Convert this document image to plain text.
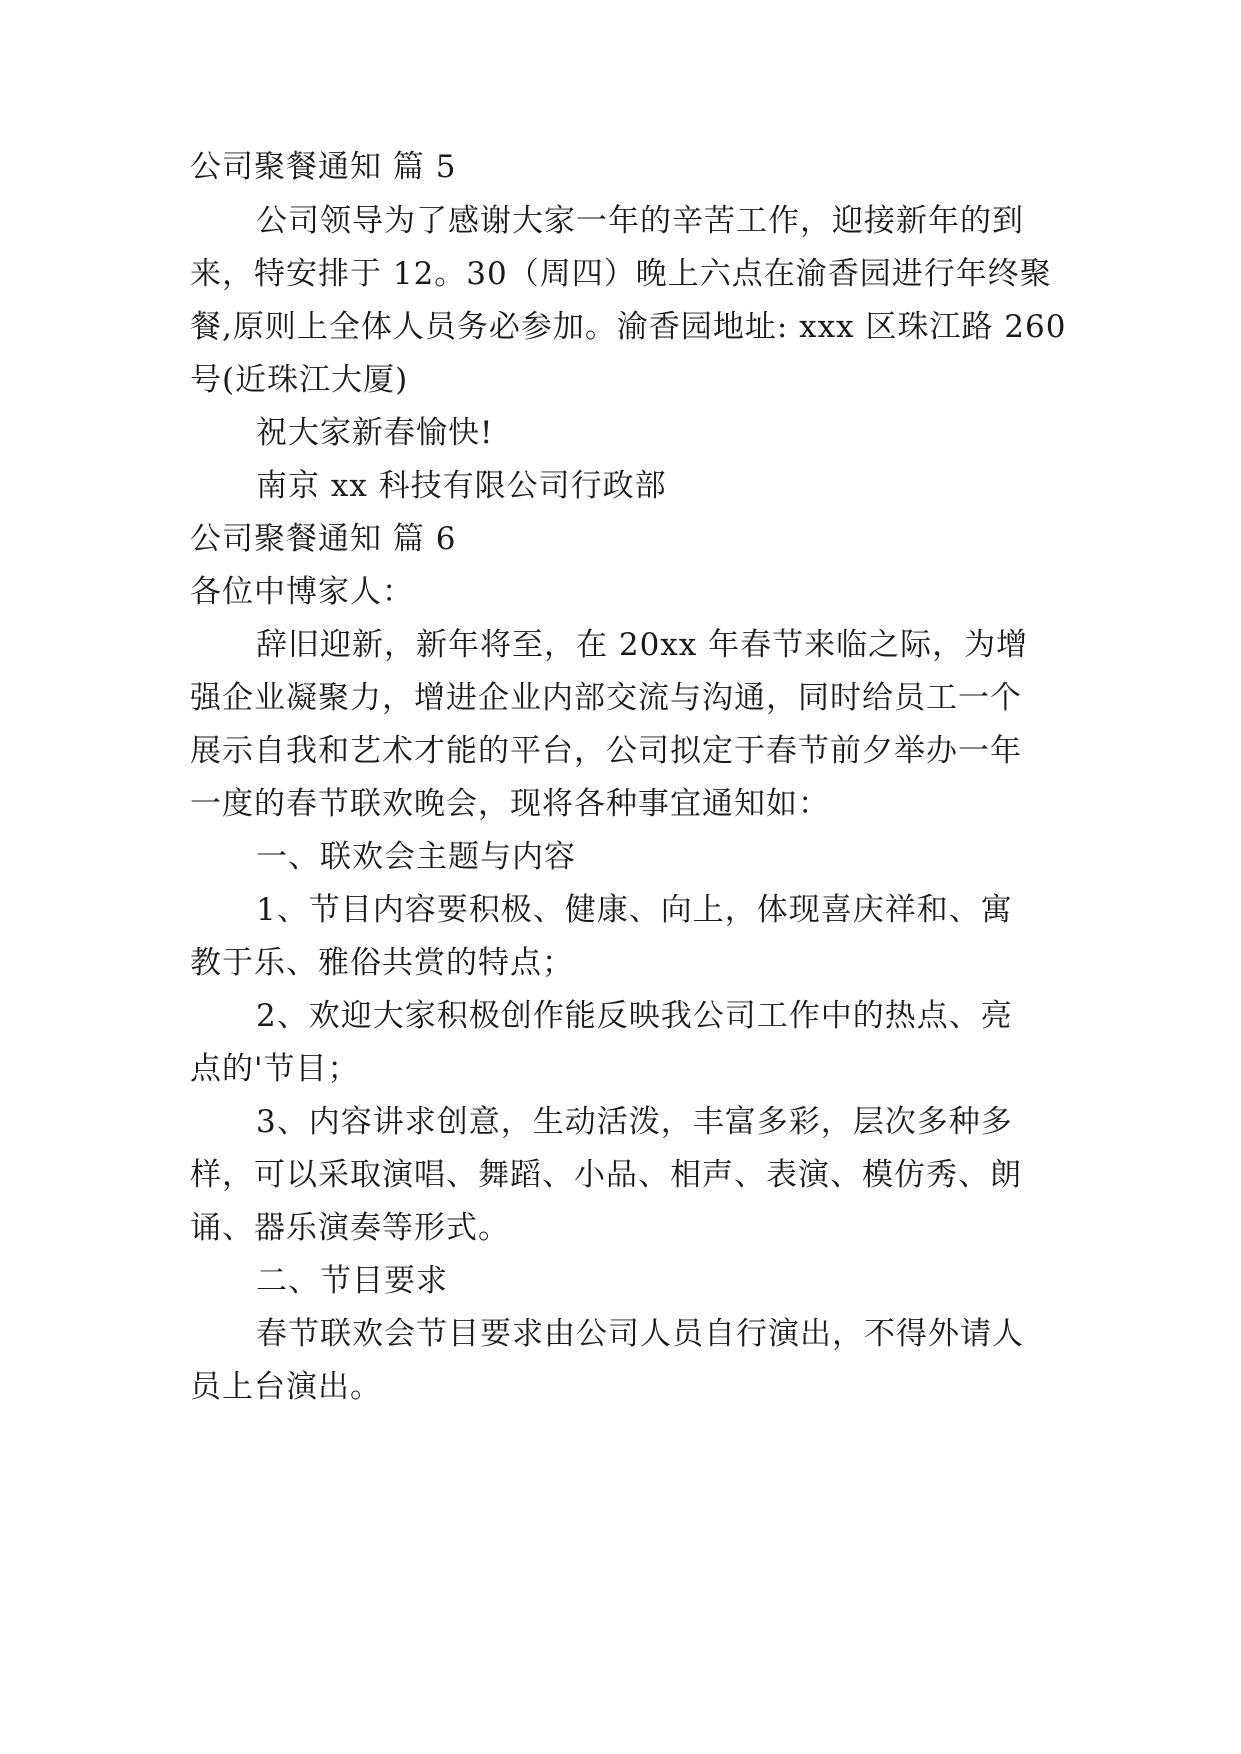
公司聚餐通知 篇 5
公司领导为了感谢大家一年的辛苦工作，迎接新年的到
来，特安排于 12。30（周四）晚上六点在渝香园进行年终聚
餐,原则上全体人员务必参加。渝香园地址: xxx 区珠江路 260
号(近珠江大厦)
祝大家新春愉快!
南京 xx 科技有限公司行政部
公司聚餐通知 篇 6
各位中博家人：
辞旧迎新，新年将至，在 20xx 年春节来临之际，为增
强企业凝聚力，增进企业内部交流与沟通，同时给员工一个
展示自我和艺术才能的平台，公司拟定于春节前夕举办一年
一度的春节联欢晚会，现将各种事宜通知如：
一、联欢会主题与内容
1、节目内容要积极、健康、向上，体现喜庆祥和、寓
教于乐、雅俗共赏的特点；
2、欢迎大家积极创作能反映我公司工作中的热点、亮
点的'节目；
3、内容讲求创意，生动活泼，丰富多彩，层次多种多
样，可以采取演唱、舞蹈、小品、相声、表演、模仿秀、朗
诵、器乐演奏等形式。
二、节目要求
春节联欢会节目要求由公司人员自行演出，不得外请人
员上台演出。
